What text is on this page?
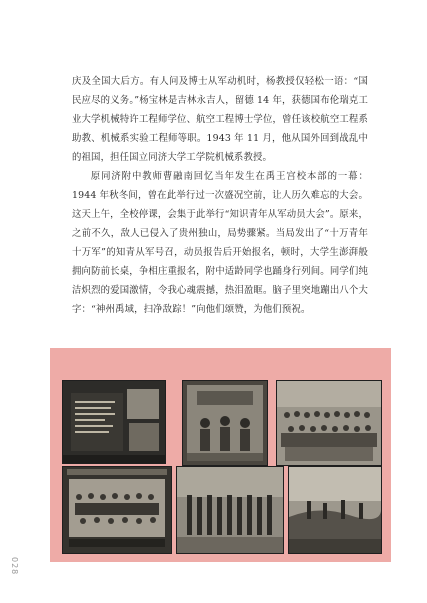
庆及全国大后方。有人问及博士从军动机时，杨教授仅轻松一语：“国民应尽的义务。”杨宝林是吉林永吉人，留德 14 年，获德国布伦瑞克工业大学机械特许工程师学位、航空工程博士学位，曾任该校航空工程系助教、机械系实验工程师等职。1943 年 11 月，他从国外回到战乱中的祖国，担任国立同济大学工学院机械系教授。

原同济附中教师曹融南回忆当年发生在禹王宫校本部的一幕：1944 年秋冬间，曾在此举行过一次盛况空前，让人历久难忘的大会。这天上午，全校停课，会集于此举行“知识青年从军动员大会”。原来，之前不久，敌人已侵入了贵州独山，局势骤紧。当局发出了“十万青年十万军”的知青从军号召，动员报告后开始报名，顿时，大学生澎湃般拥向防前长桌，争相庄重报名，附中适龄同学也踊身行列间。同学们纯洁炽烈的爱国激情，令我心魂震撼，热泪盈眶。脑子里突地蹦出八个大字：“神州禹域，扫净敌踪！”向他们颂赞，为他们预祝。

028
